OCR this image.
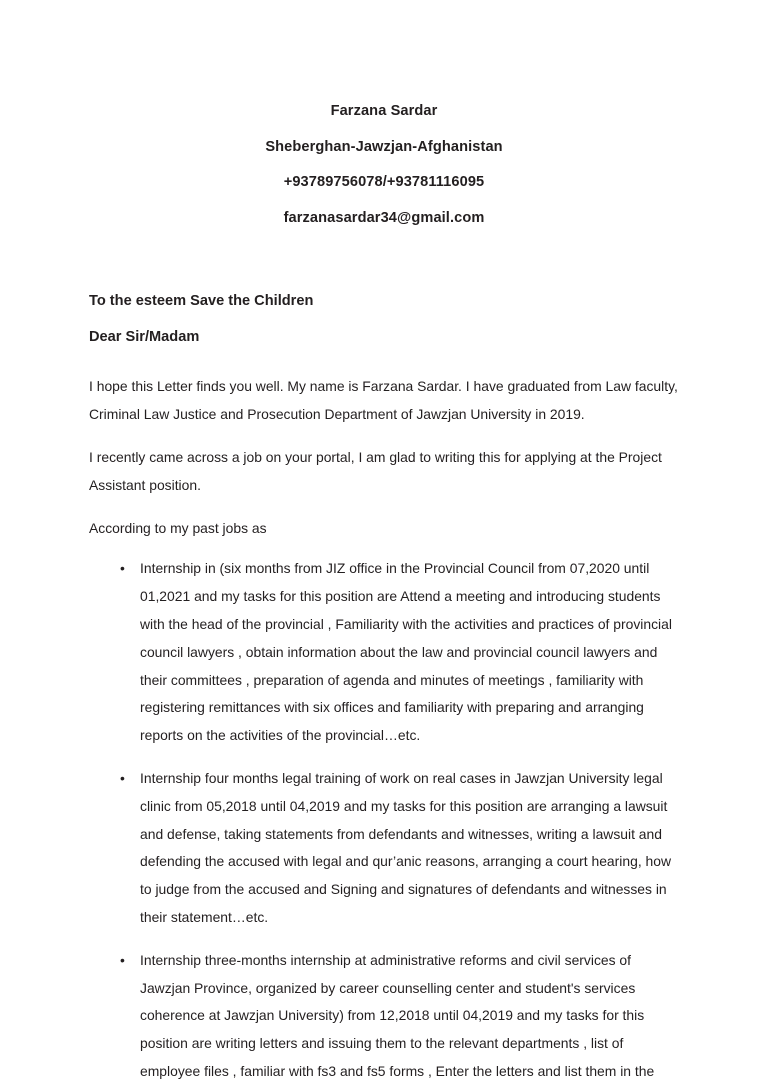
Farzana Sardar
Sheberghan-Jawzjan-Afghanistan
+93789756078/+93781116095
farzanasardar34@gmail.com
To the esteem Save the Children
Dear Sir/Madam

I hope this Letter finds you well. My name is Farzana Sardar. I have graduated from Law faculty, Criminal Law Justice and Prosecution Department of Jawzjan University in 2019.

I recently came across a job on your portal, I am glad to writing this for applying at the Project Assistant position.

According to my past jobs as

•	Internship in (six months from JIZ office in the Provincial Council from 07,2020 until 01,2021 and my tasks for this position are Attend a meeting and introducing students with the head of the provincial , Familiarity with the activities and practices of provincial council lawyers , obtain information about the law and provincial council lawyers and their committees , preparation of agenda and minutes of meetings , familiarity with registering remittances with six offices and familiarity with preparing and arranging reports on the activities of the provincial…etc.
•	Internship four months legal training of work on real cases in Jawzjan University legal clinic from 05,2018 until 04,2019 and my tasks for this position are arranging a lawsuit and defense, taking statements from defendants and witnesses, writing a lawsuit and defending the accused with legal and qur’anic reasons, arranging a court hearing, how to judge from the accused and Signing and signatures of defendants and witnesses in their statement…etc.
•	Internship three-months internship at administrative reforms and civil services of Jawzjan Province, organized by career counselling center and student's services coherence at Jawzjan University) from 12,2018 until 04,2019 and my tasks for this position are writing letters and issuing them to the relevant departments , list of employee files , familiar with fs3 and fs5 forms , Enter the letters and list them in the
